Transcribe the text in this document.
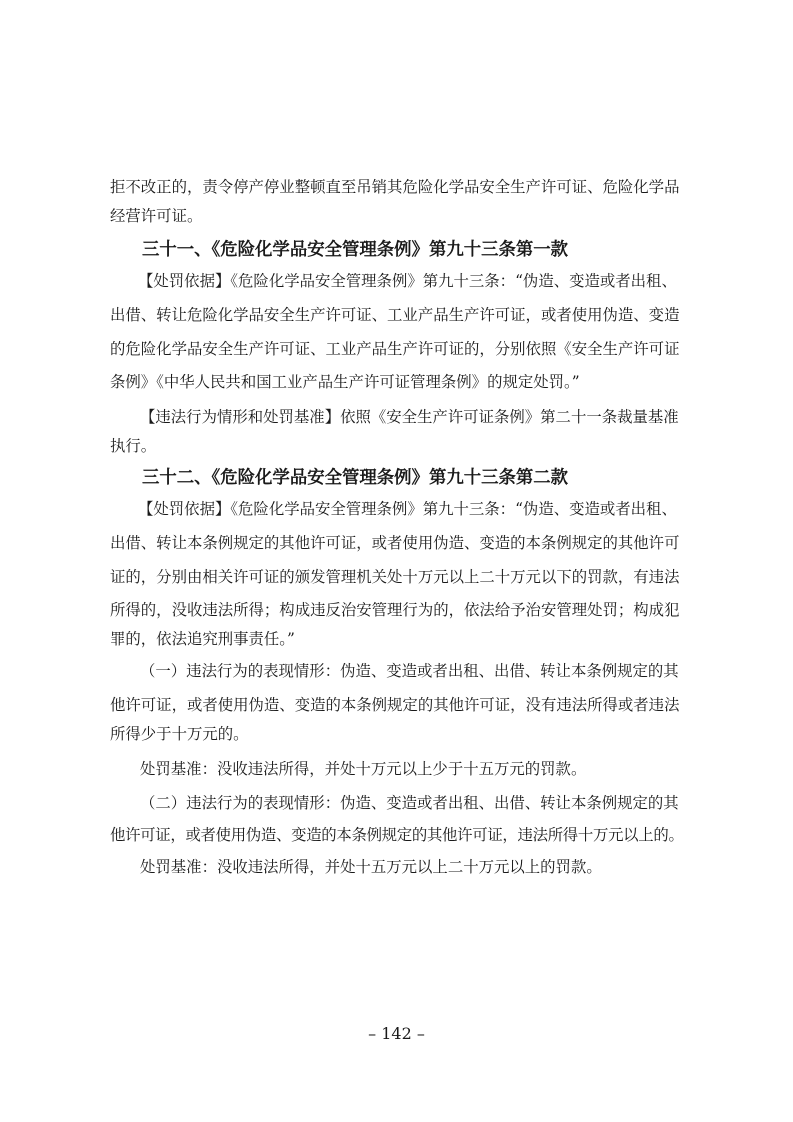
拒不改正的，责令停产停业整顿直至吊销其危险化学品安全生产许可证、危险化学品
经营许可证。
三十一、《危险化学品安全管理条例》第九十三条第一款
【处罚依据】《危险化学品安全管理条例》第九十三条：“伪造、变造或者出租、
出借、转让危险化学品安全生产许可证、工业产品生产许可证，或者使用伪造、变造
的危险化学品安全生产许可证、工业产品生产许可证的，分别依照《安全生产许可证
条例》《中华人民共和国工业产品生产许可证管理条例》的规定处罚。”
【违法行为情形和处罚基准】依照《安全生产许可证条例》第二十一条裁量基准
执行。
三十二、《危险化学品安全管理条例》第九十三条第二款
【处罚依据】《危险化学品安全管理条例》第九十三条：“伪造、变造或者出租、
出借、转让本条例规定的其他许可证，或者使用伪造、变造的本条例规定的其他许可
证的，分别由相关许可证的颁发管理机关处十万元以上二十万元以下的罚款，有违法
所得的，没收违法所得；构成违反治安管理行为的，依法给予治安管理处罚；构成犯
罪的，依法追究刑事责任。”
（一）违法行为的表现情形：伪造、变造或者出租、出借、转让本条例规定的其
他许可证，或者使用伪造、变造的本条例规定的其他许可证，没有违法所得或者违法
所得少于十万元的。
处罚基准：没收违法所得，并处十万元以上少于十五万元的罚款。
（二）违法行为的表现情形：伪造、变造或者出租、出借、转让本条例规定的其
他许可证，或者使用伪造、变造的本条例规定的其他许可证，违法所得十万元以上的。
处罚基准：没收违法所得，并处十五万元以上二十万元以上的罚款。
– 142 –
